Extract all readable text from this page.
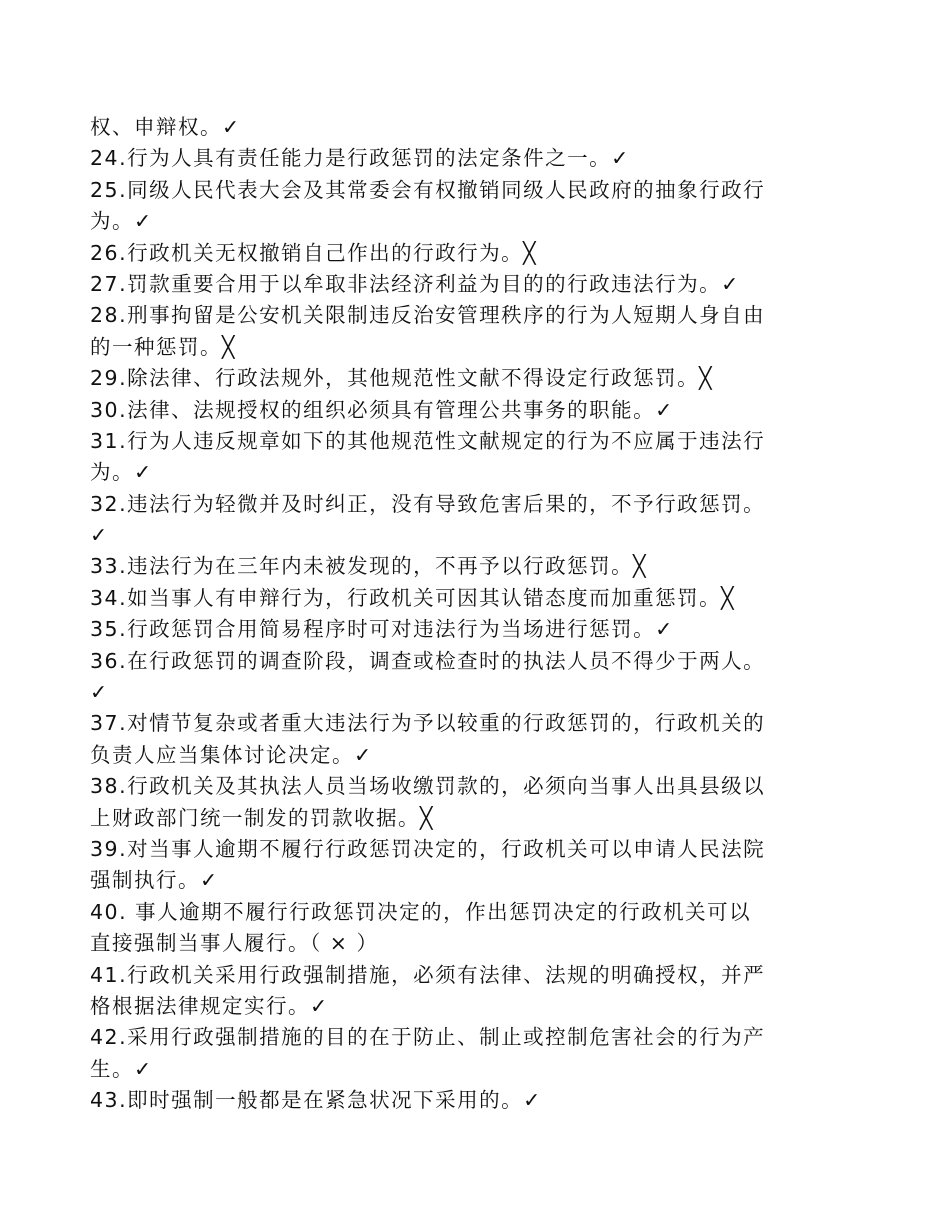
权、申辩权。✓
24.行为人具有责任能力是行政惩罚的法定条件之一。✓
25.同级人民代表大会及其常委会有权撤销同级人民政府的抽象行政行
为。✓
26.行政机关无权撤销自己作出的行政行为。╳
27.罚款重要合用于以牟取非法经济利益为目的的行政违法行为。✓
28.刑事拘留是公安机关限制违反治安管理秩序的行为人短期人身自由
的一种惩罚。╳
29.除法律、行政法规外，其他规范性文献不得设定行政惩罚。╳
30.法律、法规授权的组织必须具有管理公共事务的职能。✓
31.行为人违反规章如下的其他规范性文献规定的行为不应属于违法行
为。✓
32.违法行为轻微并及时纠正，没有导致危害后果的，不予行政惩罚。
✓
33.违法行为在三年内未被发现的，不再予以行政惩罚。╳
34.如当事人有申辩行为，行政机关可因其认错态度而加重惩罚。╳
35.行政惩罚合用简易程序时可对违法行为当场进行惩罚。✓
36.在行政惩罚的调查阶段，调查或检查时的执法人员不得少于两人。
✓
37.对情节复杂或者重大违法行为予以较重的行政惩罚的，行政机关的
负责人应当集体讨论决定。✓
38.行政机关及其执法人员当场收缴罚款的，必须向当事人出具县级以
上财政部门统一制发的罚款收据。╳
39.对当事人逾期不履行行政惩罚决定的，行政机关可以申请人民法院
强制执行。✓
40. 事人逾期不履行行政惩罚决定的，作出惩罚决定的行政机关可以
直接强制当事人履行。（ × ）
41.行政机关采用行政强制措施，必须有法律、法规的明确授权，并严
格根据法律规定实行。✓
42.采用行政强制措施的目的在于防止、制止或控制危害社会的行为产
生。✓
43.即时强制一般都是在紧急状况下采用的。✓
